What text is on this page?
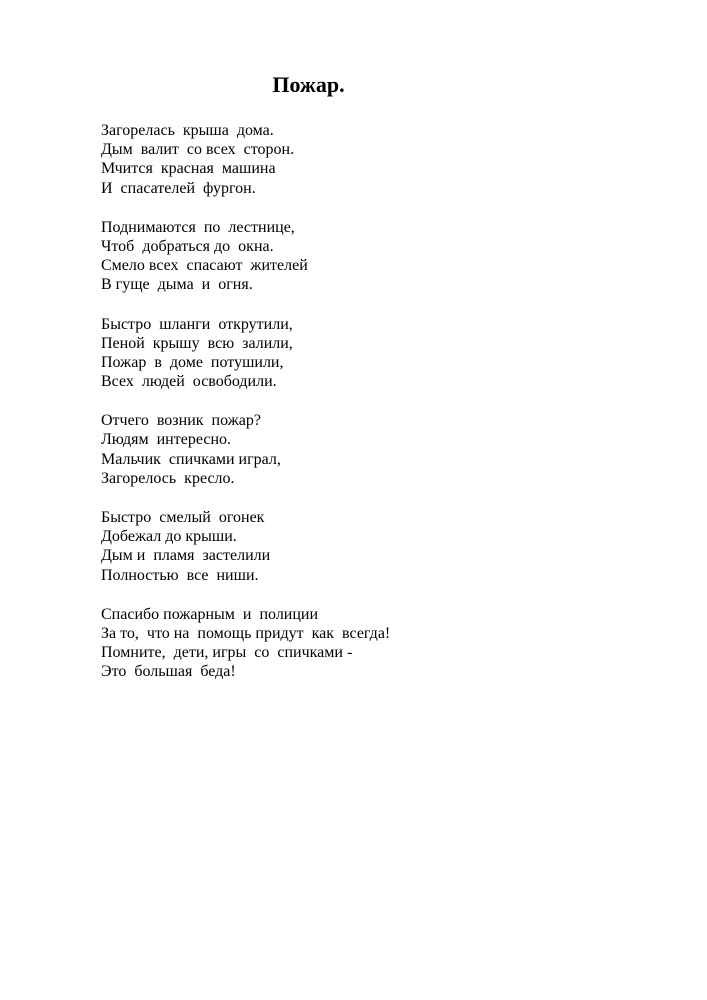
Пожар.
Загорелась  крыша  дома.
Дым  валит  со всех  сторон.
Мчится  красная  машина
И  спасателей  фургон.
Поднимаются  по  лестнице,
Чтоб  добраться до  окна.
Смело всех  спасают  жителей
В гуще  дыма  и  огня.
Быстро  шланги  открутили,
Пеной  крышу  всю  залили,
Пожар  в  доме  потушили,
Всех  людей  освободили.
Отчего  возник  пожар?
Людям  интересно.
Мальчик  спичками играл,
Загорелось  кресло.
Быстро  смелый  огонек
Добежал до крыши.
Дым и  пламя  застелили
Полностью  все  ниши.
Спасибо пожарным  и  полиции
За то,  что на  помощь придут  как  всегда!
Помните,  дети, игры  со  спичками -
Это  большая  беда!
